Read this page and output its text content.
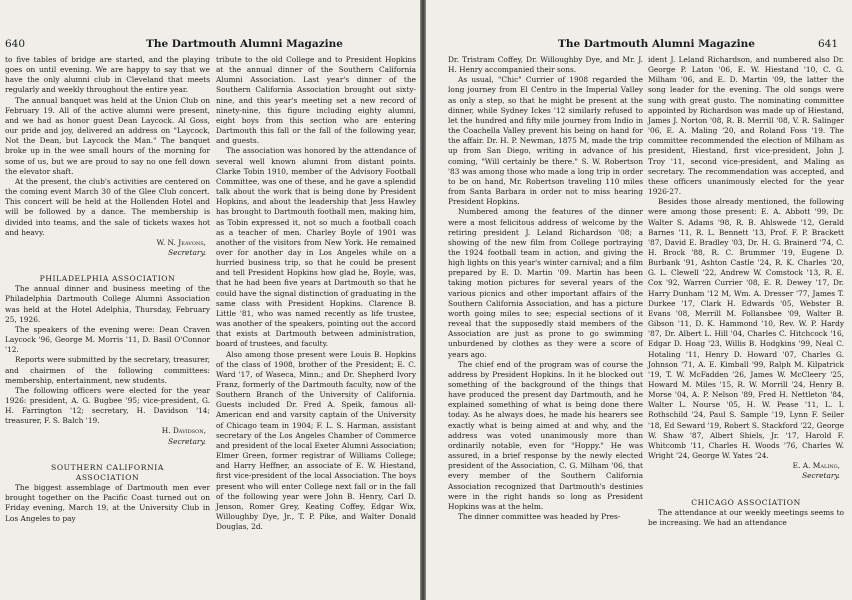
640	The Dartmouth Alumni Magazine

to five tables of bridge are started, and the playing goes on until evening. We are happy to say that we have the only alumni club in Cleveland that meets regularly and weekly throughout the entire year.

The annual banquet was held at the Union Club on February 19. All of the active alumni were present, and we had as honor guest Dean Laycock. Al Goss, our pride and joy, delivered an address on "Laycock, Not the Dean, but Laycock the Man." The banquet broke up in the wee small hours of the morning for some of us, but we are proud to say no one fell down the elevator shaft.

At the present, the club's activities are centered on the coming event March 30 of the Glee Club concert. This concert will be held at the Hollenden Hotel and will be followed by a dance. The membership is divided into teams, and the sale of tickets waxes hot and heavy.

W. N. Jeavons,

Secretary.

PHILADELPHIA ASSOCIATION

The annual dinner and business meeting of the Philadelphia Dartmouth College Alumni Association was held at the Hotel Adelphia, Thursday, February 25, 1926.

The speakers of the evening were: Dean Craven Laycock '96, George M. Morris '11, D. Basil O'Connor '12.

Reports were submitted by the secretary, treasurer, and chairmen of the following committees: membership, entertainment, new students.

The following officers were elected for the year 1926: president, A. G. Bugbee '95; vice-president, G. H. Farrington '12; secretary, H. Davidson '14; treasurer, F. S. Balch '19.

H. Davidson,

Secretary.

SOUTHERN CALIFORNIA
ASSOCIATION

The biggest assemblage of Dartmouth men ever brought together on the Pacific Coast turned out on Friday evening, March 19, at the University Club in Los Angeles to pay

tribute to the old College and to President Hopkins at the annual dinner of the Southern California Alumni Association. Last year's dinner of the Southern California Association brought out sixty-nine, and this year's meeting set a new record of ninety-nine, this figure including eighty alumni, eight boys from this section who are entering Dartmouth this fall or the fall of the following year, and guests.

The association was honored by the attendance of several well known alumni from distant points. Clarke Tobin 1910, member of the Advisory Football Committee, was one of these, and he gave a splendid talk about the work that is being done by President Hopkins, and about the leadership that Jess Hawley has brought to Dartmouth football men, making him, as Tobin expressed it, not so much a football coach as a teacher of men. Charley Boyle of 1901 was another of the visitors from New York. He remained over for another day in Los Angeles while on a hurried business trip, so that he could be present and tell President Hopkins how glad he, Boyle, was, that he had been five years at Dartmouth so that he could have the signal distinction of graduating in the same class with President Hopkins. Clarence B. Little '81, who was named recently as life trustee, was another of the speakers, pointing out the accord that exists at Dartmouth between administration, board of trustees, and faculty.

Also among those present were Louis B. Hopkins of the class of 1908, brother of the President; E. C. Ward '17, of Waseca, Minn.; and Dr. Shepherd Ivory Franz, formerly of the Dartmouth faculty, now of the Southern Branch of the University of California. Guests included Dr. Fred A. Speik, famous all-American end and varsity captain of the University of Chicago team in 1904; F. L. S. Harman, assistant secretary of the Los Angeles Chamber of Commerce and president of the local Exeter Alumni Association; Elmer Green, former registrar of Williams College; and Harry Heffner, an associate of E. W. Hiestand, first vice-president of the local Association. The boys present who will enter College next fall or in the fall of the following year were John B. Henry, Carl D. Jenson, Romer Grey, Keating Coffey, Edgar Wix, Willoughby Dye, Jr., T. P. Pike, and Walter Donald Douglas, 2d.

The Dartmouth Alumni Magazine	641

Dr. Tristram Coffey, Dr. Willoughby Dye, and Mr. J. H. Henry accompanied their sons.

As usual, "Chic" Currier of 1908 regarded the long journey from El Centro in the Imperial Valley as only a step, so that he might be present at the dinner, while Sydney Ickes '12 similarly refused to let the hundred and fifty mile journey from Indio in the Coachella Valley prevent his being on hand for the affair. Dr. H. P. Newman, 1875 M, made the trip up from San Diego, writing in advance of his coming, "Will certainly be there." S. W. Robertson '83 was among those who made a long trip in order to be on hand, Mr. Robertson traveling 110 miles from Santa Barbara in order not to miss hearing President Hopkins.

Numbered among the features of the dinner were a most felicitous address of welcome by the retiring president J. Leland Richardson '08; a showing of the new film from College portraying the 1924 football team in action, and giving the high lights on this year's winter carnival; and a film prepared by E. D. Martin '09. Martin has been taking motion pictures for several years of the various picnics and other important affairs of the Southern California Association, and has a picture worth going miles to see; especial sections of it reveal that the supposedly staid members of the Association are just as prone to go swimming unburdened by clothes as they were a score of years ago.

The chief end of the program was of course the address by President Hopkins. In it he blocked out something of the background of the things that have produced the present day Dartmouth, and he explained something of what is being done there today. As he always does, he made his hearers see exactly what is being aimed at and why, and the address was voted unanimously more than ordinarily notable, even for "Hoppy." He was assured, in a brief response by the newly elected president of the Association, C. G. Milham '06, that every member of the Southern California Association recognized that Dartmouth's destinies were in the right hands so long as President Hopkins was at the helm.

The dinner committee was headed by Pres-

ident J. Leland Richardson, and numbered also Dr. George P. Laton '06, E. W. Hiestand '10, C. G. Milham '06, and E. D. Martin '09, the latter the song leader for the evening. The old songs were sung with great gusto. The nominating committee appointed by Richardson was made up of Hiestand, James J. Norton '08, R. B. Merrill '08, V. R. Salinger '06, E. A. Maling '20, and Roland Foss '19. The committee recommended the election of Milham as president, Hiestand, first vice-president, John J. Troy '11, second vice-president, and Maling as secretary. The recommendation was accepted, and these officers unanimously elected for the year 1926-27.

Besides those already mentioned, the following were among those present: E. A. Abbott '99, Dr. Walter S. Adams '98, R. B. Ahlswede '12, Gerald Barnes '11, R. L. Bennett '13, Prof. F. P. Brackett '87, David E. Bradley '03, Dr. H. G. Brainerd '74, C. H. Brock '88, R. C. Brummer '19, Eugene D. Burbank '91, Ashton Castle '24, R. K. Charles '20, G. L. Clewell '22, Andrew W. Comstock '13, R. E. Cox '92, Warren Currier '08, E. R. Dewey '17, Dr. Harry Dunham '12 M, Wm. A. Dresser '77, James T. Durkee '17, Clark H. Edwards '05, Webster B. Evans '08, Merrill M. Follansbee '09, Walter B. Gibson '11, D. K. Hammond '10, Rev. W. P. Hardy '87, Dr. Albert L. Hill '04, Charles C. Hitchcock '16, Edgar D. Hoag '23, Willis B. Hodgkins '99, Neal C. Hotaling '11, Henry D. Howard '07, Charles G. Johnson '71, A. E. Kimball '99, Ralph M. Kilpatrick '19, T. W. McFadden '26, James W. McCleery '25, Howard M. Miles '15, R. W. Morrill '24, Henry B. Morse '04, A. P. Nelson '89, Fred H. Nettleton '84, Walter L. Nourse '05, H. W. Pease '11, L. I. Rothschild '24, Paul S. Sample '19, Lynn F. Seiler '18, Ed Seward '19, Robert S. Stackford '22, George W. Shaw '87, Albert Shiels, Jr. '17, Harold F. Whitcomb '11, Charles H. Woods '76, Charles W. Wright '24, George W. Yates '24.

E. A. Maling,

Secretary.

CHICAGO ASSOCIATION

The attendance at our weekly meetings seems to be increasing. We had an attendance
